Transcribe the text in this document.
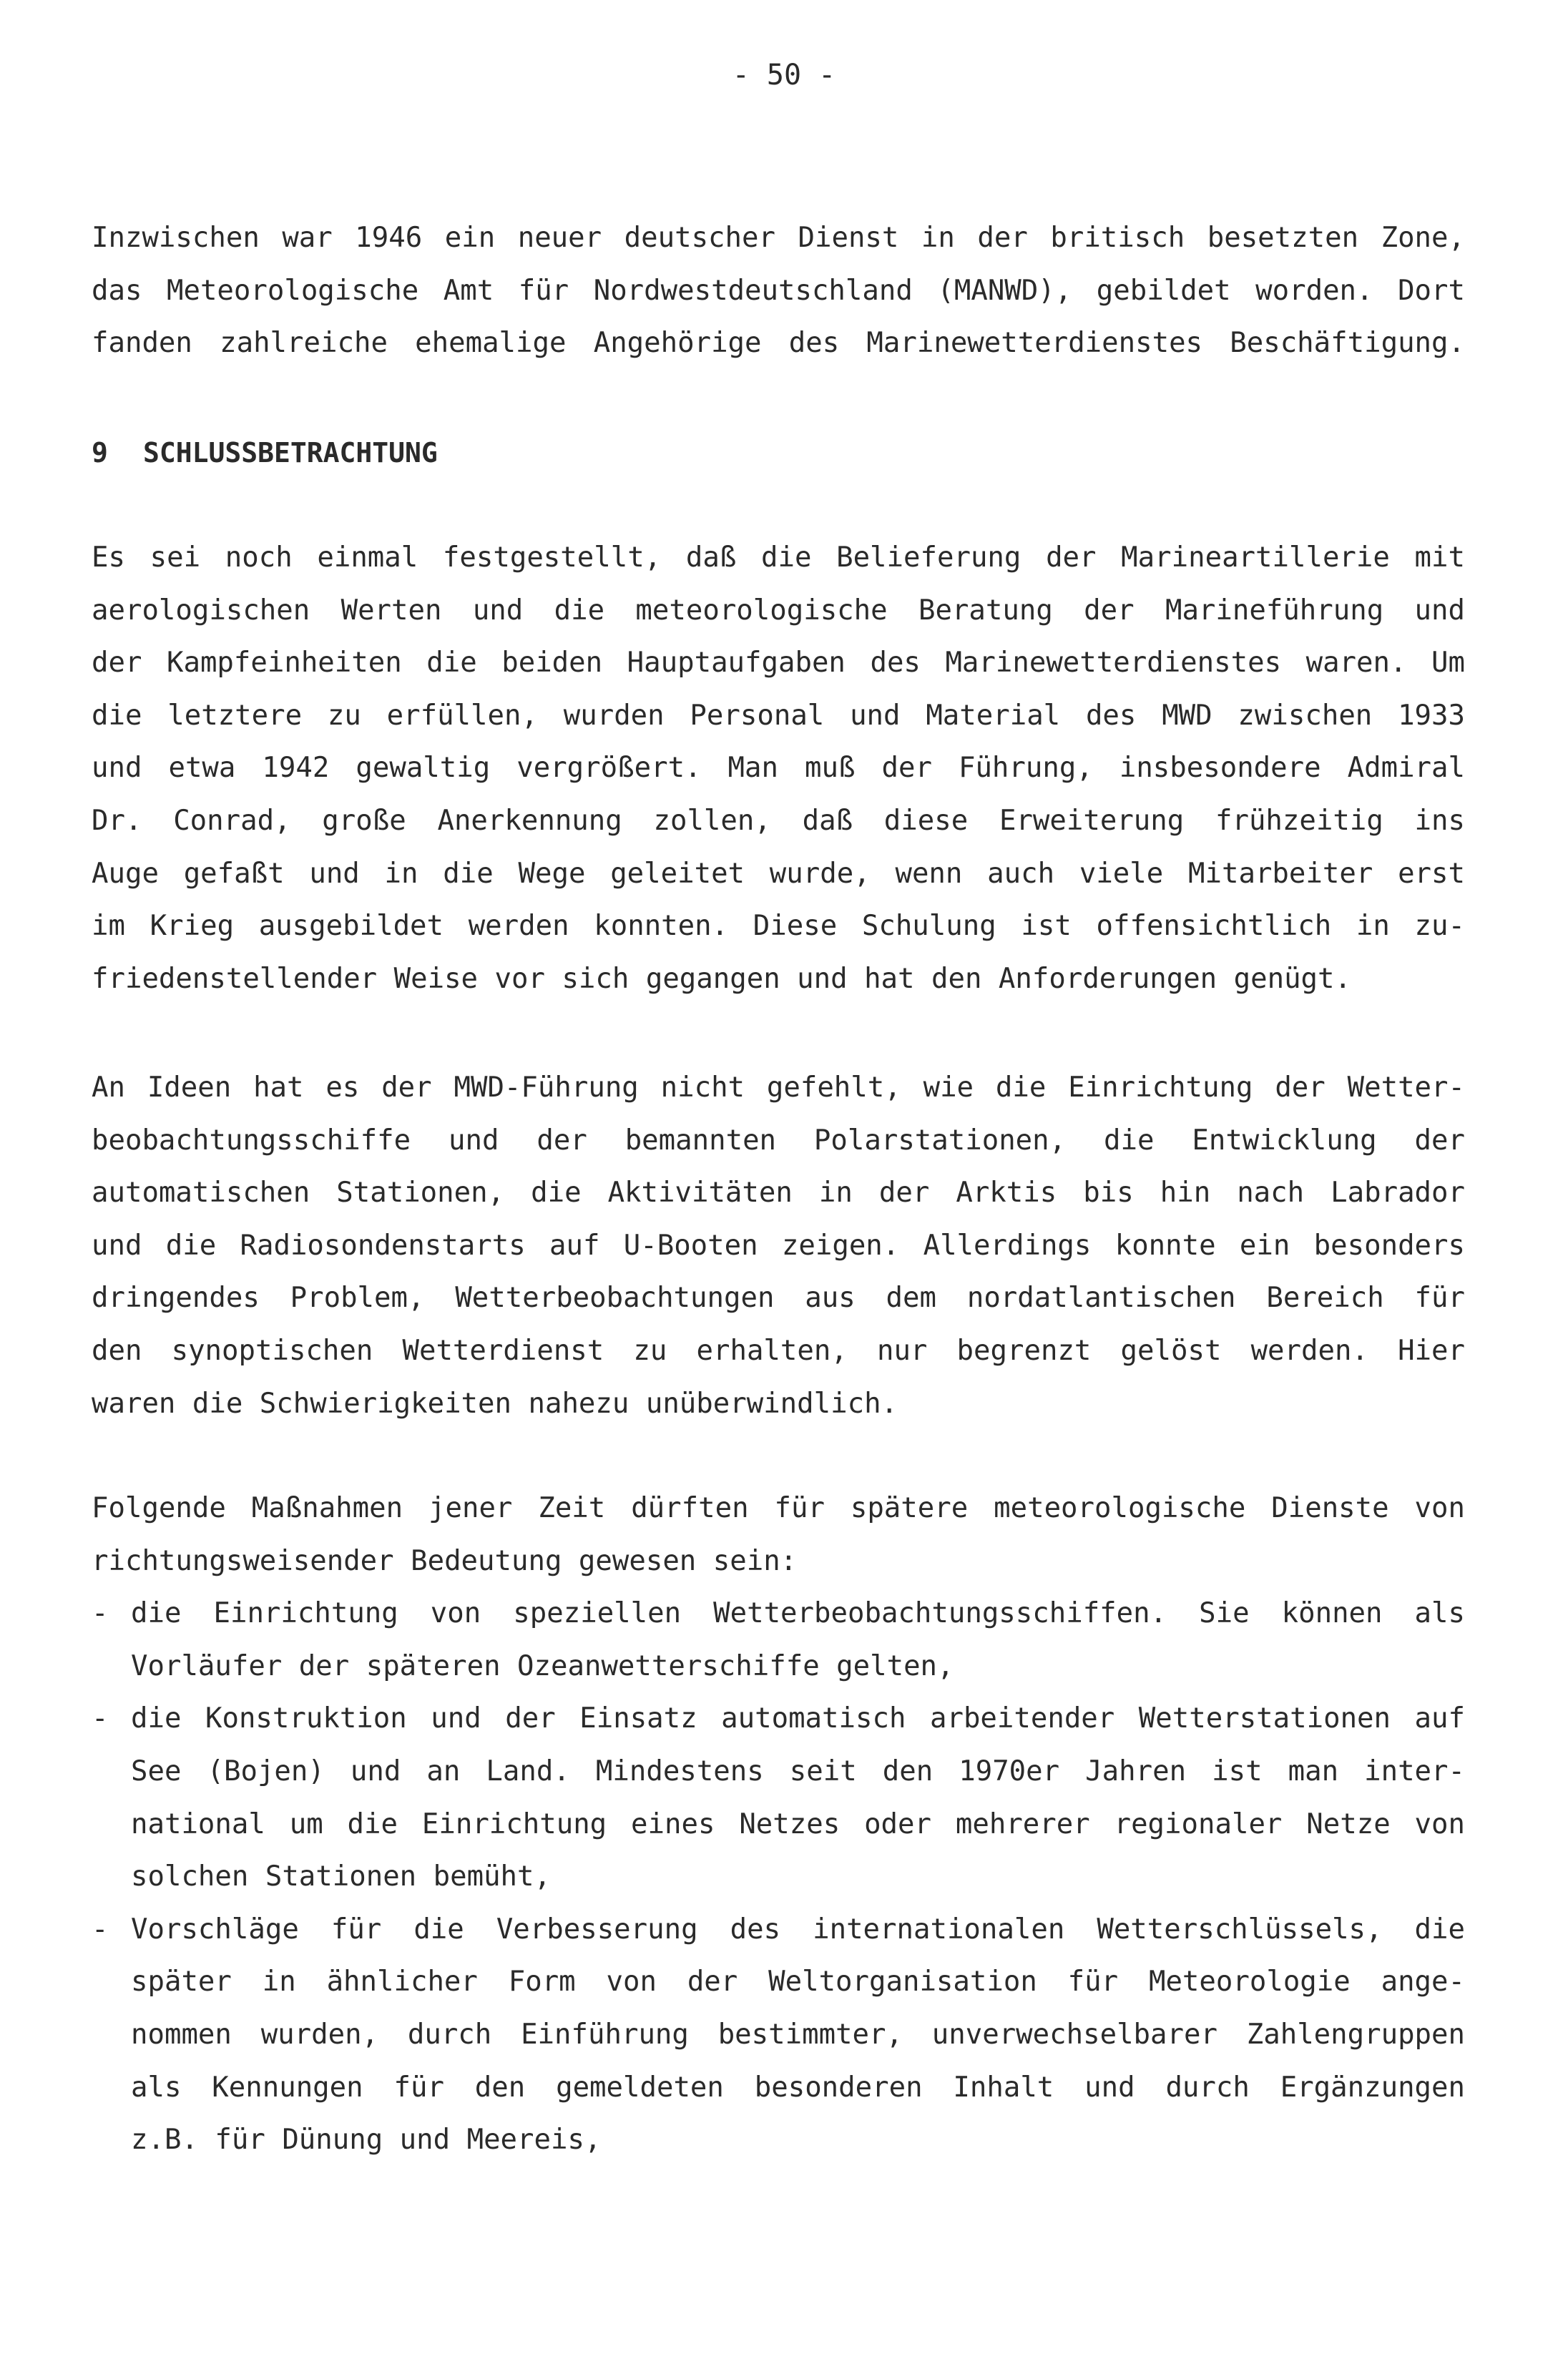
- 50 -
Inzwischen war 1946 ein neuer deutscher Dienst in der britisch besetzten Zone,
das Meteorologische Amt für Nordwestdeutschland (MANWD), gebildet worden. Dort
fanden zahlreiche ehemalige Angehörige des Marinewetterdienstes Beschäftigung.
9 SCHLUSSBETRACHTUNG
Es sei noch einmal festgestellt, daß die Belieferung der Marineartillerie mit
aerologischen Werten und die meteorologische Beratung der Marineführung und
der Kampfeinheiten die beiden Hauptaufgaben des Marinewetterdienstes waren. Um
die letztere zu erfüllen, wurden Personal und Material des MWD zwischen 1933
und etwa 1942 gewaltig vergrößert. Man muß der Führung, insbesondere Admiral
Dr. Conrad, große Anerkennung zollen, daß diese Erweiterung frühzeitig ins
Auge gefaßt und in die Wege geleitet wurde, wenn auch viele Mitarbeiter erst
im Krieg ausgebildet werden konnten. Diese Schulung ist offensichtlich in zu-
friedenstellender Weise vor sich gegangen und hat den Anforderungen genügt.
An Ideen hat es der MWD-Führung nicht gefehlt, wie die Einrichtung der Wetter-
beobachtungsschiffe und der bemannten Polarstationen, die Entwicklung der
automatischen Stationen, die Aktivitäten in der Arktis bis hin nach Labrador
und die Radiosondenstarts auf U-Booten zeigen. Allerdings konnte ein besonders
dringendes Problem, Wetterbeobachtungen aus dem nordatlantischen Bereich für
den synoptischen Wetterdienst zu erhalten, nur begrenzt gelöst werden. Hier
waren die Schwierigkeiten nahezu unüberwindlich.
Folgende Maßnahmen jener Zeit dürften für spätere meteorologische Dienste von
richtungsweisender Bedeutung gewesen sein:
- die Einrichtung von speziellen Wetterbeobachtungsschiffen. Sie können als
Vorläufer der späteren Ozeanwetterschiffe gelten,
- die Konstruktion und der Einsatz automatisch arbeitender Wetterstationen auf
See (Bojen) und an Land. Mindestens seit den 1970er Jahren ist man inter-
national um die Einrichtung eines Netzes oder mehrerer regionaler Netze von
solchen Stationen bemüht,
- Vorschläge für die Verbesserung des internationalen Wetterschlüssels, die
später in ähnlicher Form von der Weltorganisation für Meteorologie ange-
nommen wurden, durch Einführung bestimmter, unverwechselbarer Zahlengruppen
als Kennungen für den gemeldeten besonderen Inhalt und durch Ergänzungen
z.B. für Dünung und Meereis,
